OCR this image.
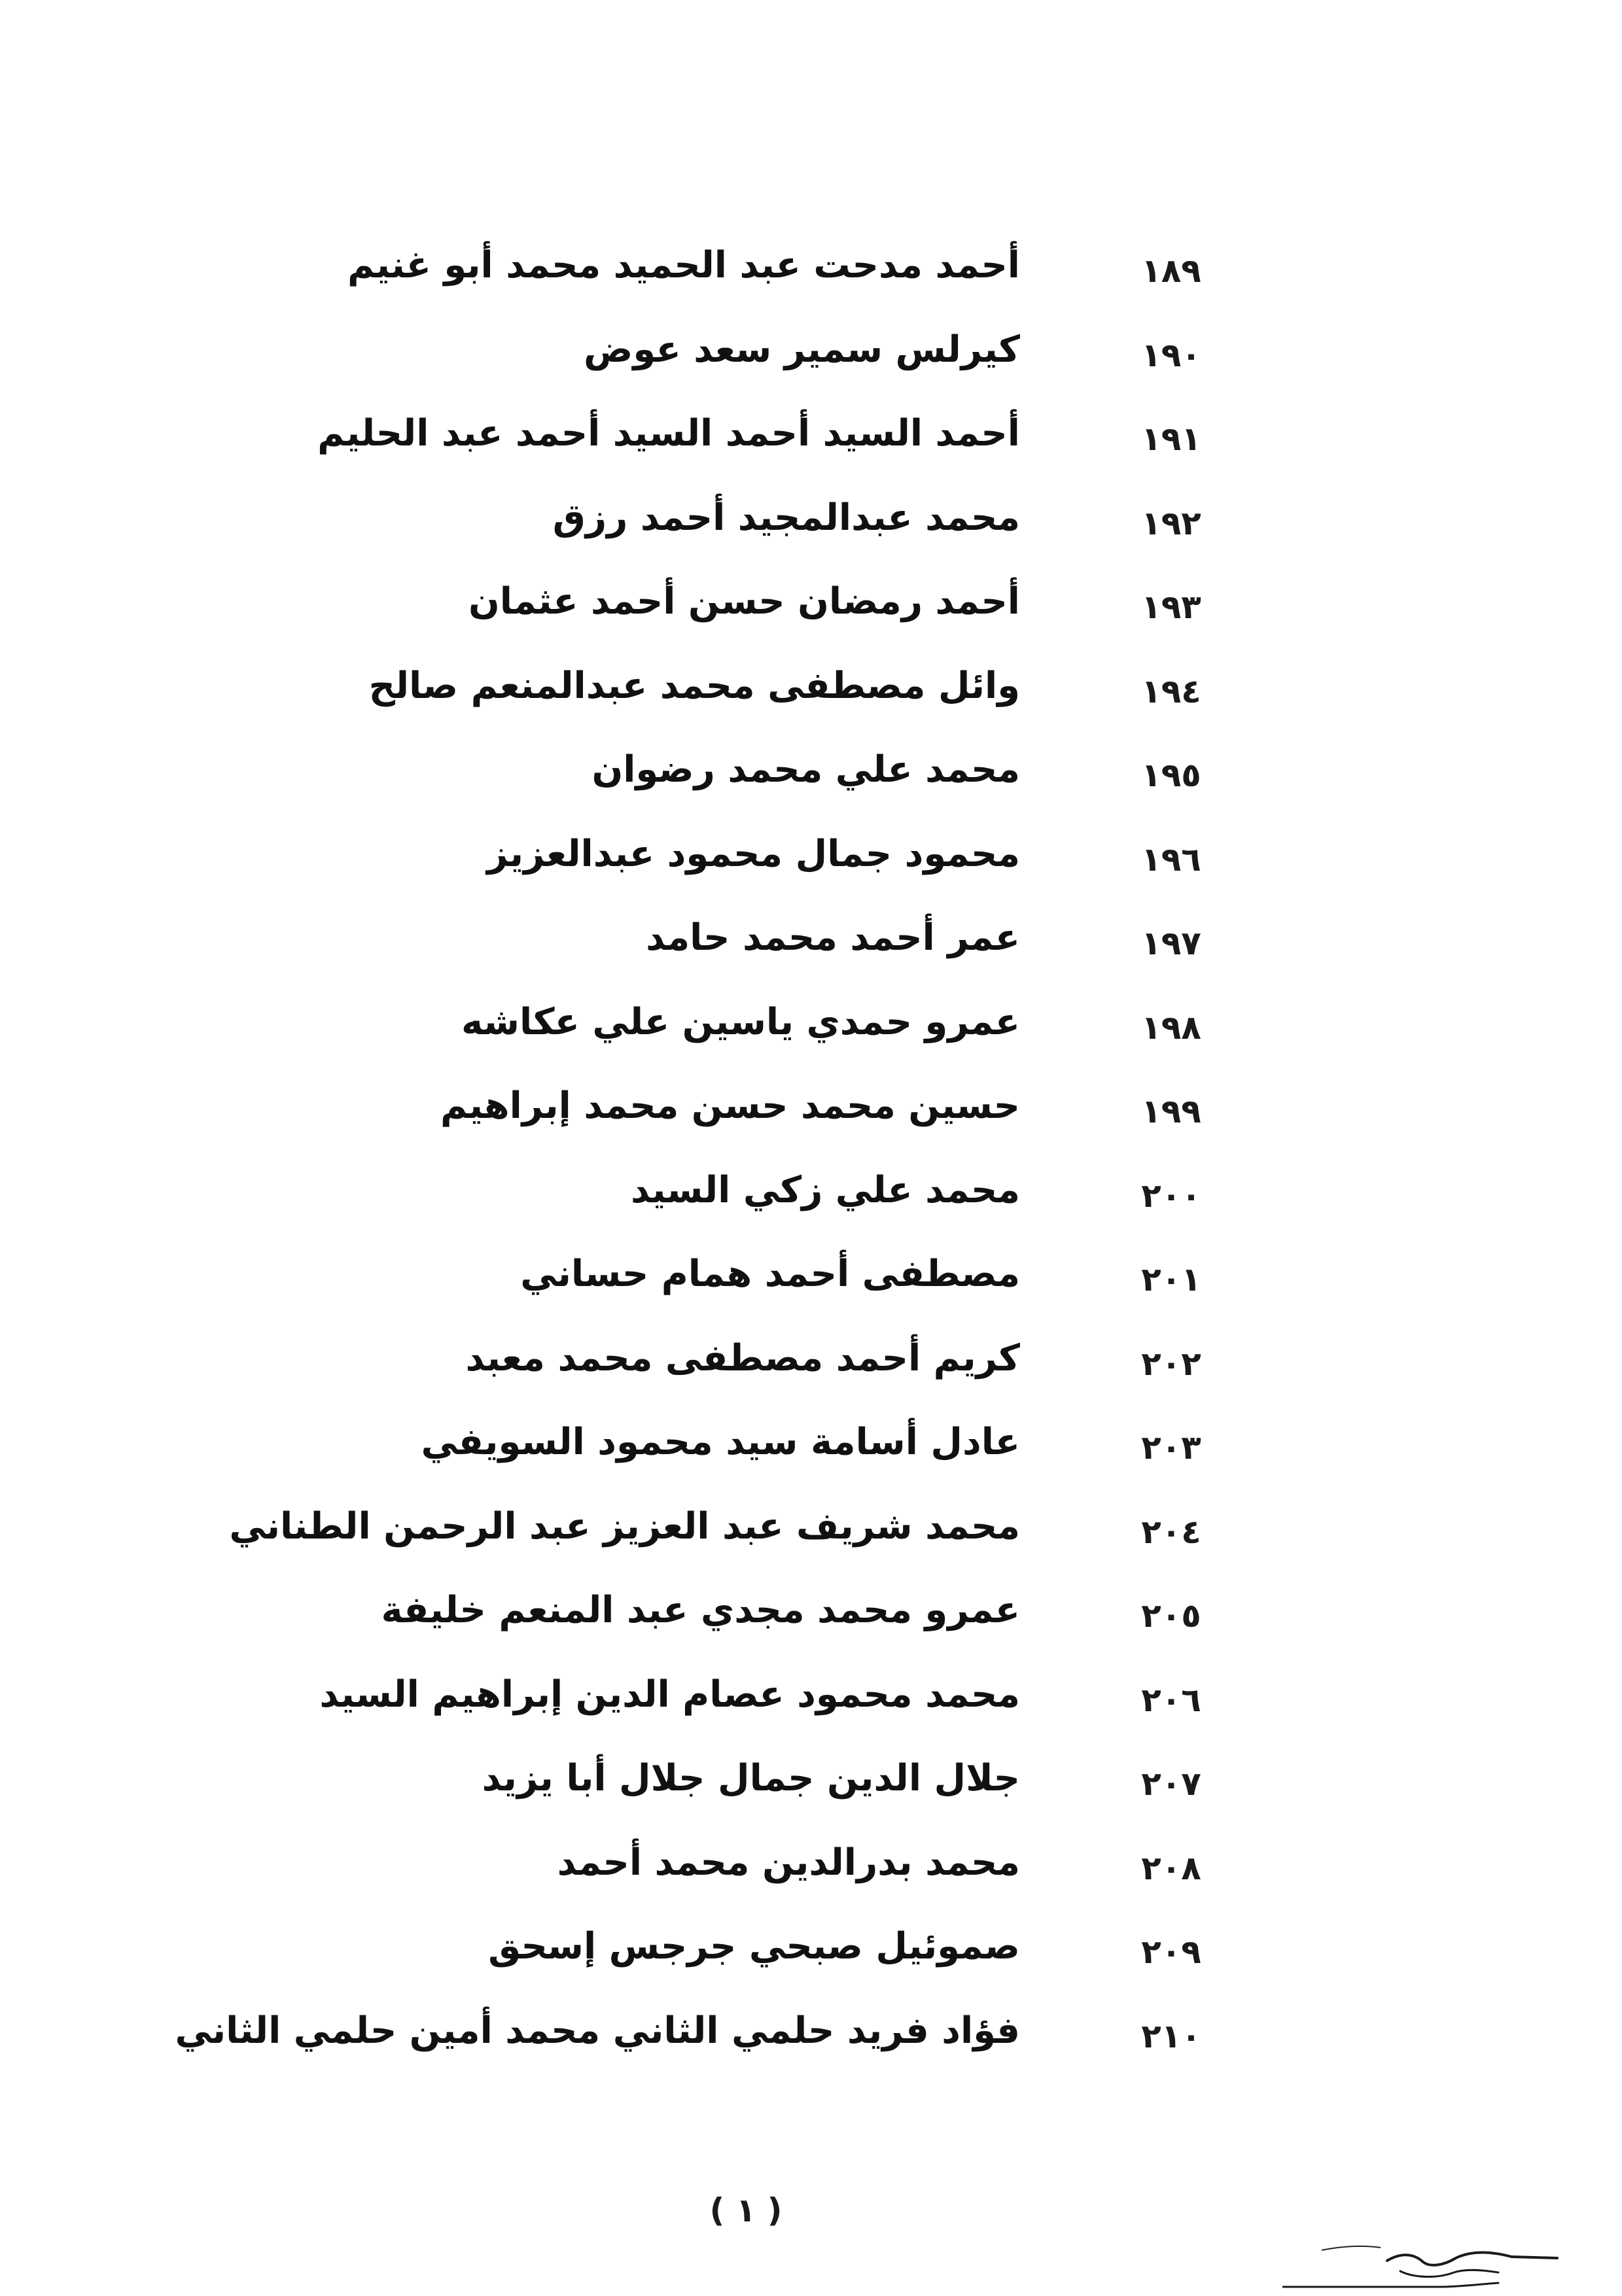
١٨٩
أحمد مدحت عبد الحميد محمد أبو غنيم
١٩٠
كيرلس سمير سعد عوض
١٩١
أحمد السيد أحمد السيد أحمد عبد الحليم
١٩٢
محمد عبدالمجيد أحمد رزق
١٩٣
أحمد رمضان حسن أحمد عثمان
١٩٤
وائل مصطفى محمد عبدالمنعم صالح
١٩٥
محمد علي محمد رضوان
١٩٦
محمود جمال محمود عبدالعزيز
١٩٧
عمر أحمد محمد حامد
١٩٨
عمرو حمدي ياسين علي عكاشه
١٩٩
حسين محمد حسن محمد إبراهيم
٢٠٠
محمد علي زكي السيد
٢٠١
مصطفى أحمد همام حساني
٢٠٢
كريم أحمد مصطفى محمد معبد
٢٠٣
عادل أسامة سيد محمود السويفي
٢٠٤
محمد شريف عبد العزيز عبد الرحمن الطناني
٢٠٥
عمرو محمد مجدي عبد المنعم خليفة
٢٠٦
محمد محمود عصام الدين إبراهيم السيد
٢٠٧
جلال الدين جمال جلال أبا يزيد
٢٠٨
محمد بدرالدين محمد أحمد
٢٠٩
صموئيل صبحي جرجس إسحق
٢١٠
فؤاد فريد حلمي الثاني محمد أمين حلمي الثاني
( ١ )
